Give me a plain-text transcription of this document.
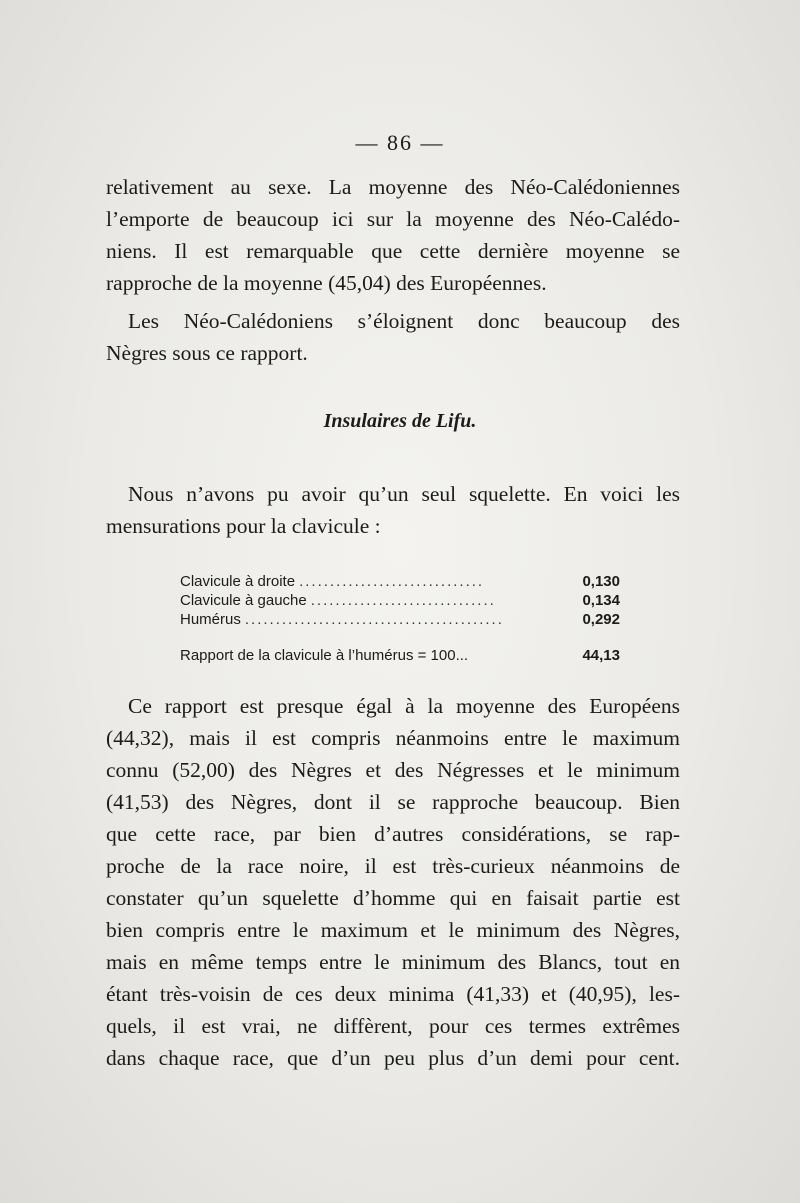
— 86 —

relativement au sexe. La moyenne des Néo-Calédoniennes
l’emporte de beaucoup ici sur la moyenne des Néo-Calédo-
niens. Il est remarquable que cette dernière moyenne se
rapproche de la moyenne (45,04) des Européennes.

Les Néo-Calédoniens s’éloignent donc beaucoup des
Nègres sous ce rapport.

Insulaires de Lifu.

Nous n’avons pu avoir qu’un seul squelette. En voici les
mensurations pour la clavicule :

Clavicule à droite ..............................	0,130
Clavicule à gauche ..............................	0,134
Humérus ..........................................	0,292
Rapport de la clavicule à l’humérus = 100...	44,13

Ce rapport est presque égal à la moyenne des Européens
(44,32), mais il est compris néanmoins entre le maximum
connu (52,00) des Nègres et des Négresses et le minimum
(41,53) des Nègres, dont il se rapproche beaucoup. Bien
que cette race, par bien d’autres considérations, se rap-
proche de la race noire, il est très-curieux néanmoins de
constater qu’un squelette d’homme qui en faisait partie est
bien compris entre le maximum et le minimum des Nègres,
mais en même temps entre le minimum des Blancs, tout en
étant très-voisin de ces deux minima (41,33) et (40,95), les-
quels, il est vrai, ne diffèrent, pour ces termes extrêmes
dans chaque race, que d’un peu plus d’un demi pour cent.
